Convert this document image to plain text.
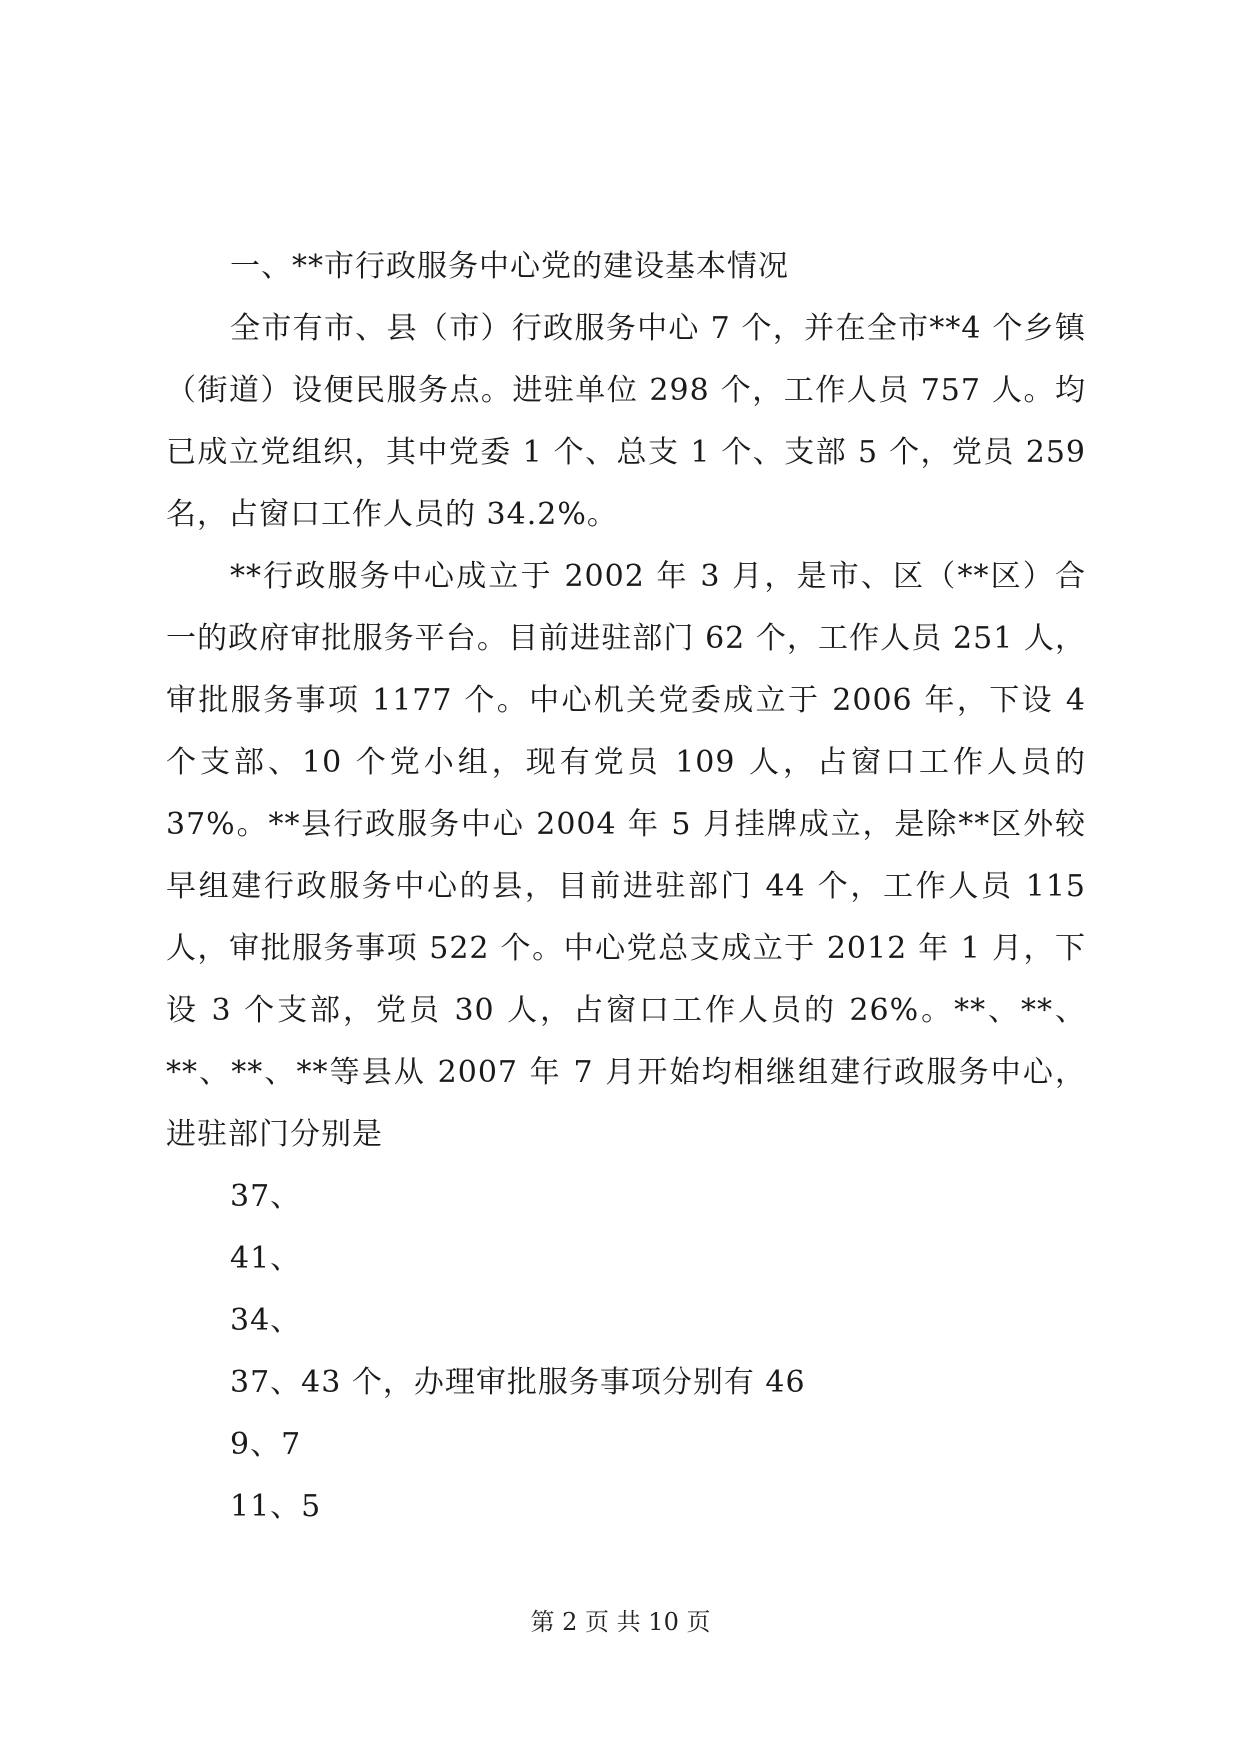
一、**市行政服务中心党的建设基本情况

全市有市、县（市）行政服务中心 7 个，并在全市**4 个乡镇（街道）设便民服务点。进驻单位 298 个，工作人员 757 人。均已成立党组织，其中党委 1 个、总支 1 个、支部 5 个，党员 259 名，占窗口工作人员的 34.2%。

**行政服务中心成立于 2002 年 3 月，是市、区（**区）合一的政府审批服务平台。目前进驻部门 62 个，工作人员 251 人，审批服务事项 1177 个。中心机关党委成立于 2006 年，下设 4 个支部、10 个党小组，现有党员 109 人，占窗口工作人员的 37%。**县行政服务中心 2004 年 5 月挂牌成立，是除**区外较早组建行政服务中心的县，目前进驻部门 44 个，工作人员 115 人，审批服务事项 522 个。中心党总支成立于 2012 年 1 月，下设 3 个支部，党员 30 人，占窗口工作人员的 26%。**、**、**、**、**等县从 2007 年 7 月开始均相继组建行政服务中心，进驻部门分别是

37、

41、

34、

37、43 个，办理审批服务事项分别有 46

9、7

11、5

第 2 页 共 10 页
